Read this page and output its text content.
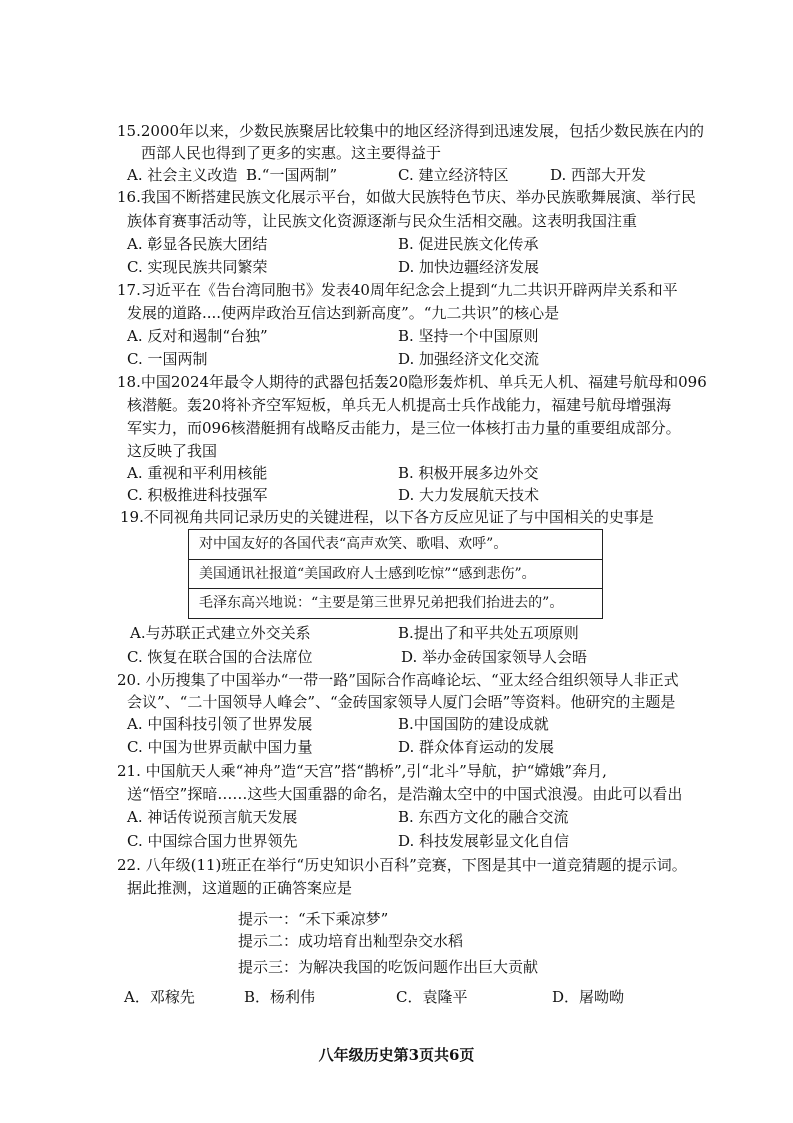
15.2000年以来，少数民族聚居比较集中的地区经济得到迅速发展，包括少数民族在内的
西部人民也得到了更多的实惠。这主要得益于
A. 社会主义改造 B.“一国两制”	C. 建立经济特区	D. 西部大开发
16.我国不断搭建民族文化展示平台，如做大民族特色节庆、举办民族歌舞展演、举行民
族体育赛事活动等，让民族文化资源逐渐与民众生活相交融。这表明我国注重
A. 彰显各民族大团结	B. 促进民族文化传承
C. 实现民族共同繁荣	D. 加快边疆经济发展
17.习近平在《告台湾同胞书》发表40周年纪念会上提到“九二共识开辟两岸关系和平
发展的道路....使两岸政治互信达到新高度”。“九二共识”的核心是
A. 反对和遏制“台独”	B. 坚持一个中国原则
C. 一国两制	D. 加强经济文化交流
18.中国2024年最令人期待的武器包括轰20隐形轰炸机、单兵无人机、福建号航母和096
核潜艇。轰20将补齐空军短板，单兵无人机提高士兵作战能力，福建号航母增强海
军实力，而096核潜艇拥有战略反击能力，是三位一体核打击力量的重要组成部分。
这反映了我国
A. 重视和平利用核能	B. 积极开展多边外交
C. 积极推进科技强军	D. 大力发展航天技术
19.不同视角共同记录历史的关键进程，以下各方反应见证了与中国相关的史事是
对中国友好的各国代表“高声欢笑、歌唱、欢呼”。
美国通讯社报道“美国政府人士感到吃惊”“感到悲伤”。
毛泽东高兴地说：“主要是第三世界兄弟把我们抬进去的”。
A.与苏联正式建立外交关系	B.提出了和平共处五项原则
C. 恢复在联合国的合法席位	D. 举办金砖国家领导人会晤
20. 小历搜集了中国举办“一带一路”国际合作高峰论坛、“亚太经合组织领导人非正式
会议”、“二十国领导人峰会”、“金砖国家领导人厦门会晤”等资料。他研究的主题是
A. 中国科技引领了世界发展	B.中国国防的建设成就
C. 中国为世界贡献中国力量	D. 群众体育运动的发展
21. 中国航天人乘“神舟”造“天宫”搭“鹊桥”,引“北斗”导航，护“嫦娥”奔月,
送“悟空”探暗……这些大国重器的命名，是浩瀚太空中的中国式浪漫。由此可以看出
A. 神话传说预言航天发展	B. 东西方文化的融合交流
C. 中国综合国力世界领先	D. 科技发展彰显文化自信
22. 八年级(11)班正在举行“历史知识小百科”竞赛，下图是其中一道竞猜题的提示词。
据此推测，这道题的正确答案应是
提示一：“禾下乘凉梦”
提示二：成功培育出籼型杂交水稻
提示三：为解决我国的吃饭问题作出巨大贡献
A．邓稼先	B．杨利伟	C．袁隆平	D．屠呦呦
八年级历史第3页共6页
